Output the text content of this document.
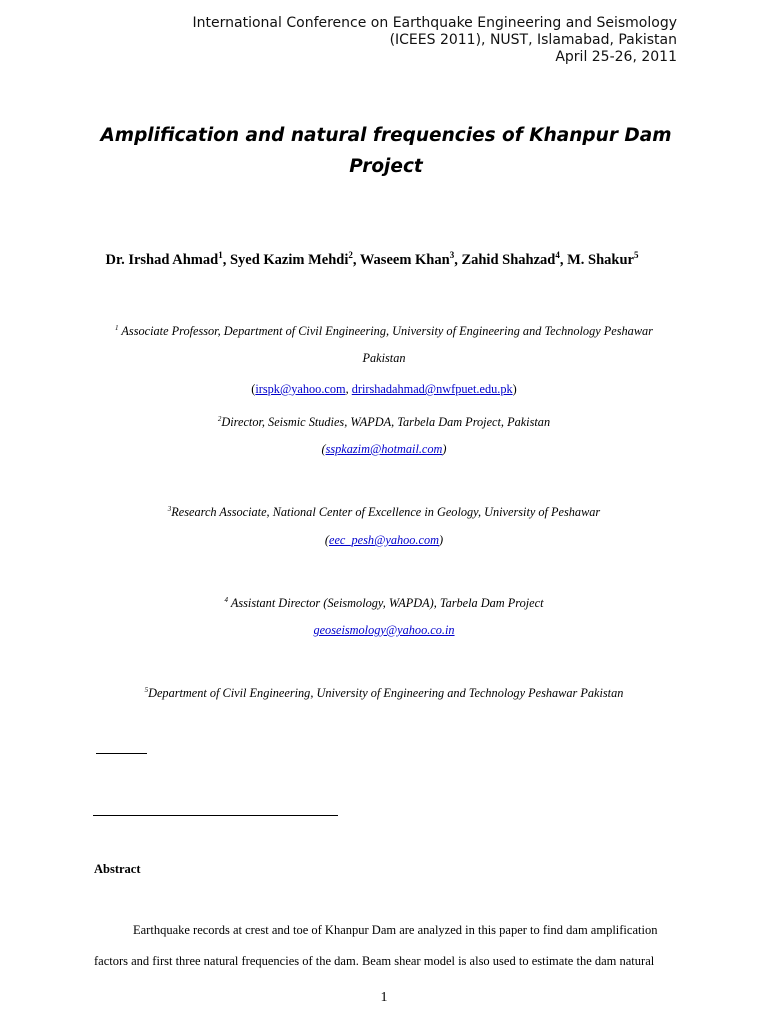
International Conference on Earthquake Engineering and Seismology
(ICEES 2011), NUST, Islamabad, Pakistan
April 25-26, 2011
Amplification and natural frequencies of Khanpur Dam
Project
Dr. Irshad Ahmad$^1$, Syed Kazim Mehdi$^2$, Waseem Khan$^3$, Zahid Shahzad$^4$, M. Shakur$^5$
$^1$ Associate Professor, Department of Civil Engineering, University of Engineering and Technology Peshawar
Pakistan
(irspk@yahoo.com, drirshadahmad@nwfpuet.edu.pk)
$^2$Director, Seismic Studies, WAPDA, Tarbela Dam Project, Pakistan
(sspkazim@hotmail.com)
$^3$Research Associate, National Center of Excellence in Geology, University of Peshawar
(eec_pesh@yahoo.com)
$^4$ Assistant Director (Seismology, WAPDA), Tarbela Dam Project
geoseismology@yahoo.co.in
$^5$Department of Civil Engineering, University of Engineering and Technology Peshawar Pakistan
Abstract
Earthquake records at crest and toe of Khanpur Dam are analyzed in this paper to find dam amplification
factors and first three natural frequencies of the dam. Beam shear model is also used to estimate the dam natural
1
